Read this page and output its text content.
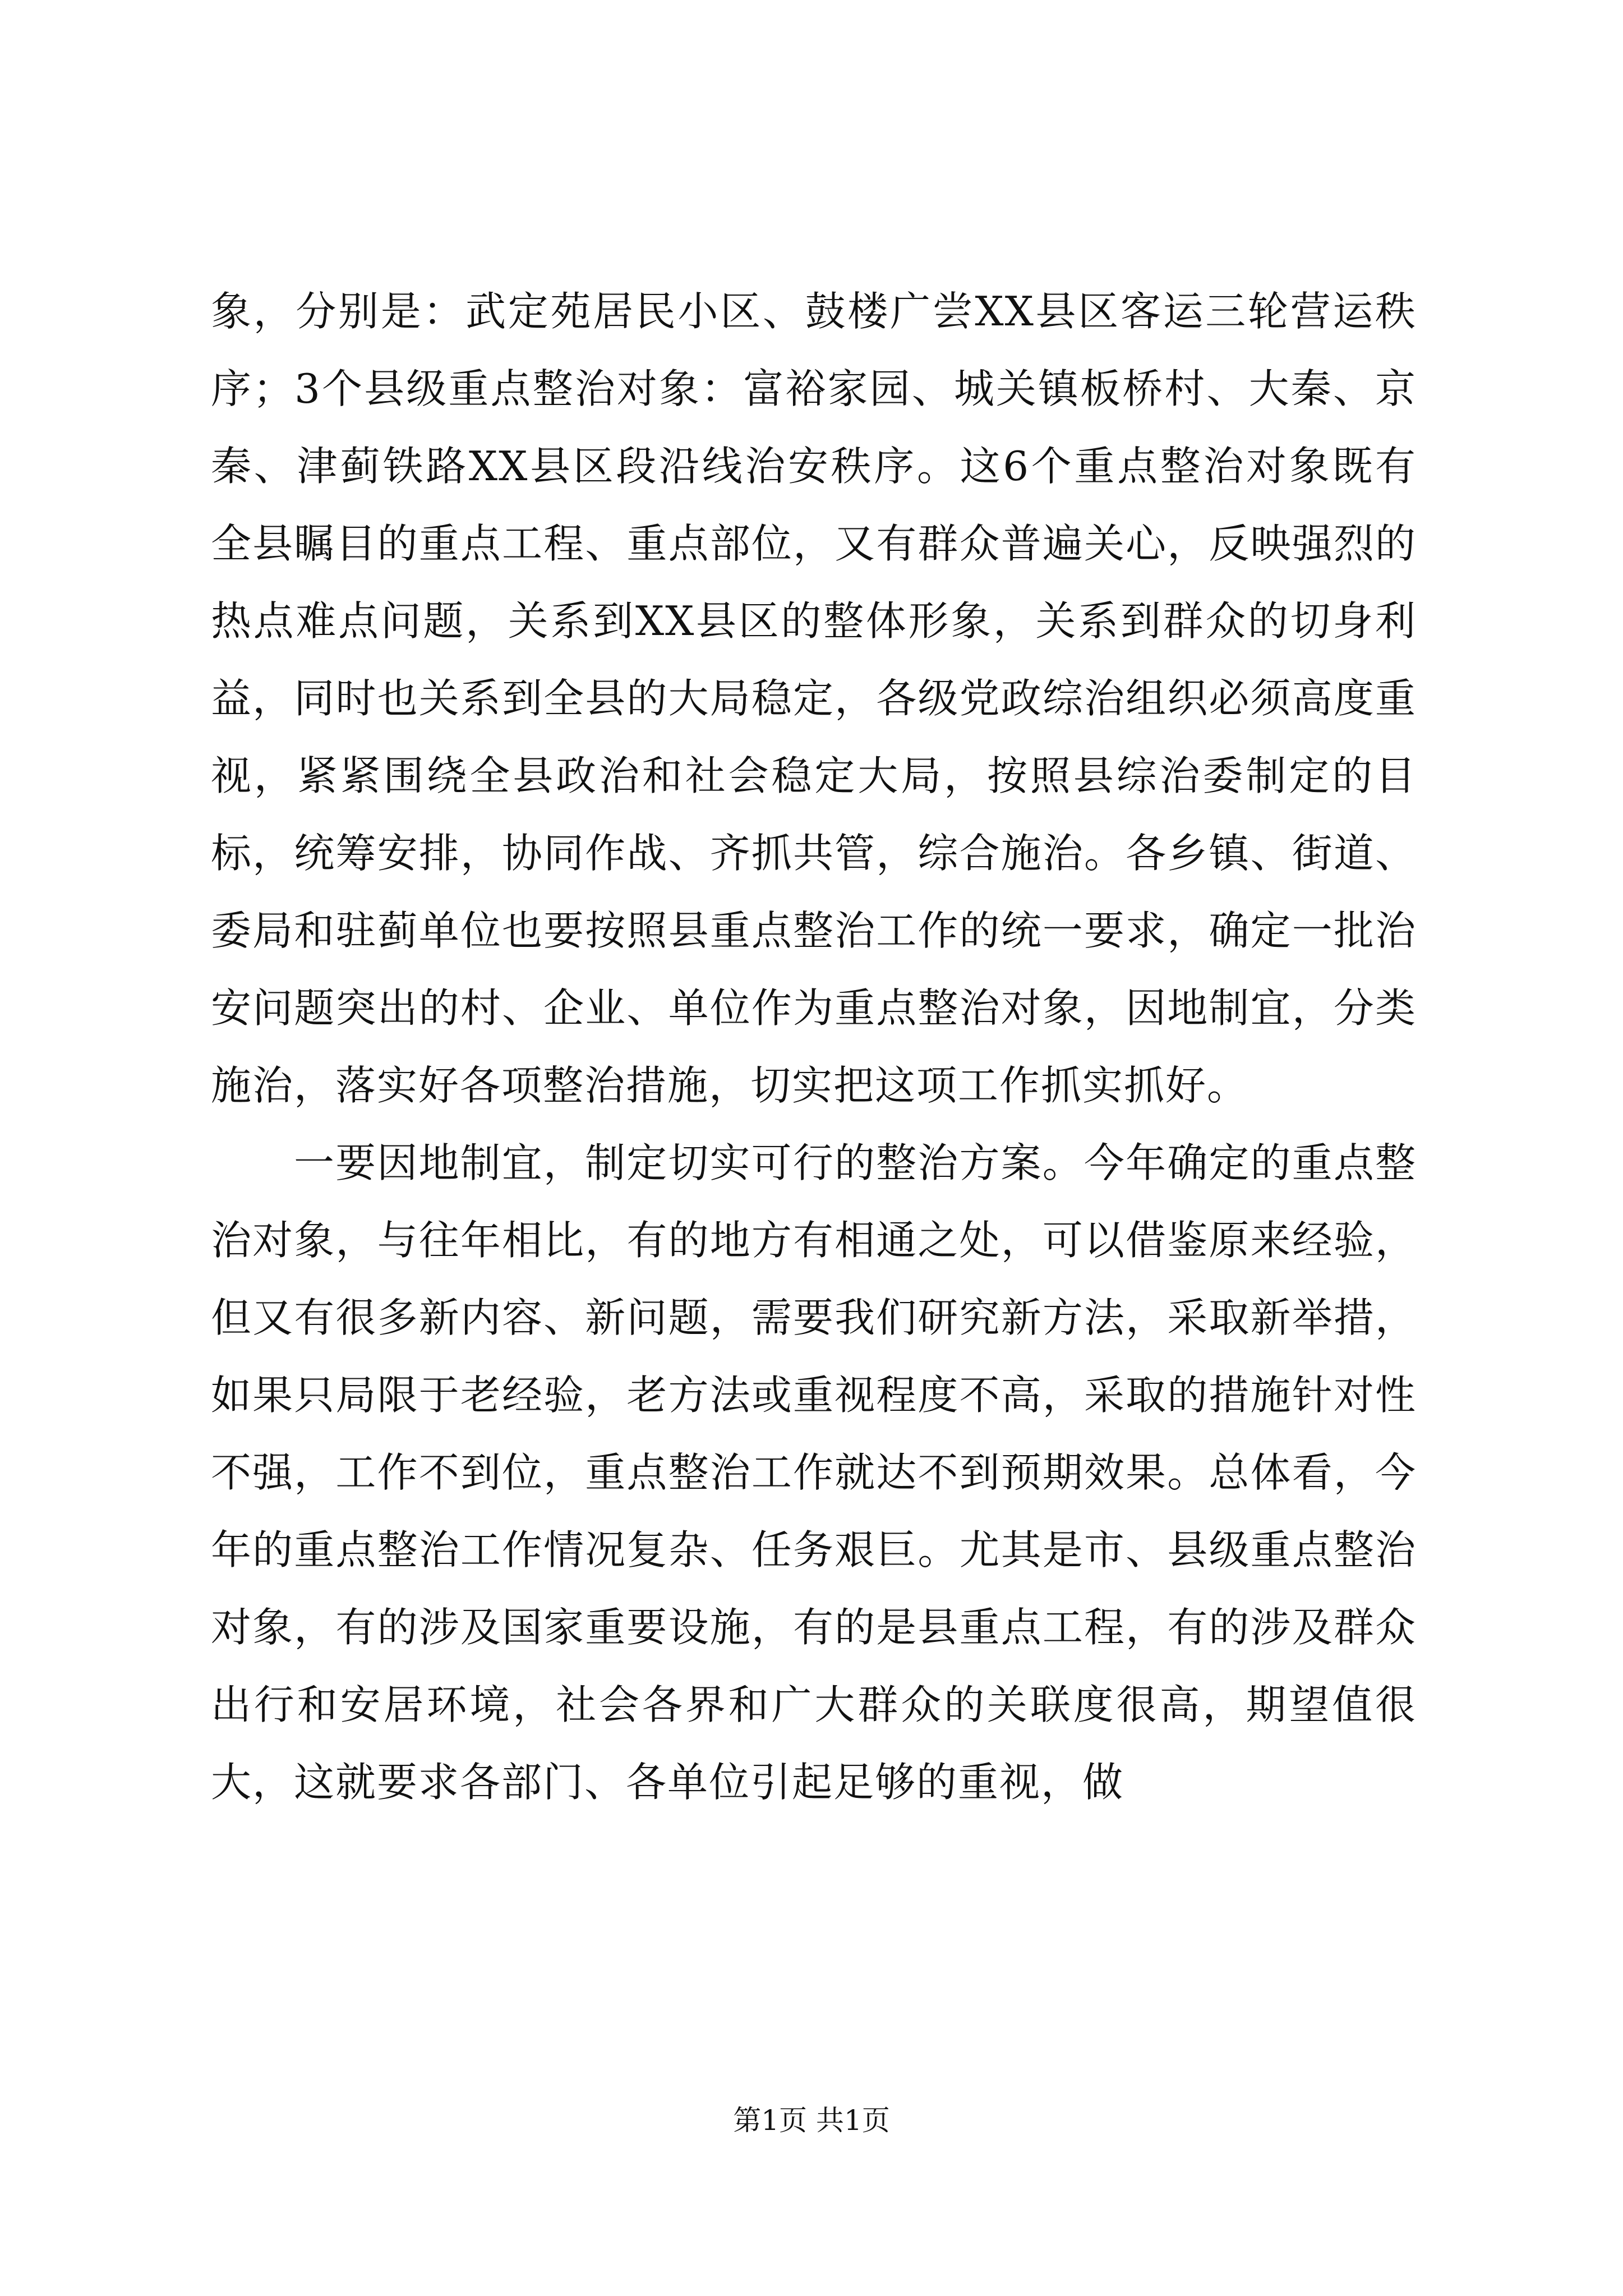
象，分别是：武定苑居民小区、鼓楼广尝XX县区客运三轮营运秩序；3个县级重点整治对象：富裕家园、城关镇板桥村、大秦、京秦、津蓟铁路XX县区段沿线治安秩序。这6个重点整治对象既有全县瞩目的重点工程、重点部位，又有群众普遍关心，反映强烈的热点难点问题，关系到XX县区的整体形象，关系到群众的切身利益，同时也关系到全县的大局稳定，各级党政综治组织必须高度重视，紧紧围绕全县政治和社会稳定大局，按照县综治委制定的目标，统筹安排，协同作战、齐抓共管，综合施治。各乡镇、街道、委局和驻蓟单位也要按照县重点整治工作的统一要求，确定一批治安问题突出的村、企业、单位作为重点整治对象，因地制宜，分类施治，落实好各项整治措施，切实把这项工作抓实抓好。

一要因地制宜，制定切实可行的整治方案。今年确定的重点整治对象，与往年相比，有的地方有相通之处，可以借鉴原来经验，但又有很多新内容、新问题，需要我们研究新方法，采取新举措，如果只局限于老经验，老方法或重视程度不高，采取的措施针对性不强，工作不到位，重点整治工作就达不到预期效果。总体看，今年的重点整治工作情况复杂、任务艰巨。尤其是市、县级重点整治对象，有的涉及国家重要设施，有的是县重点工程，有的涉及群众出行和安居环境，社会各界和广大群众的关联度很高，期望值很大，这就要求各部门、各单位引起足够的重视，做

第1页 共1页
